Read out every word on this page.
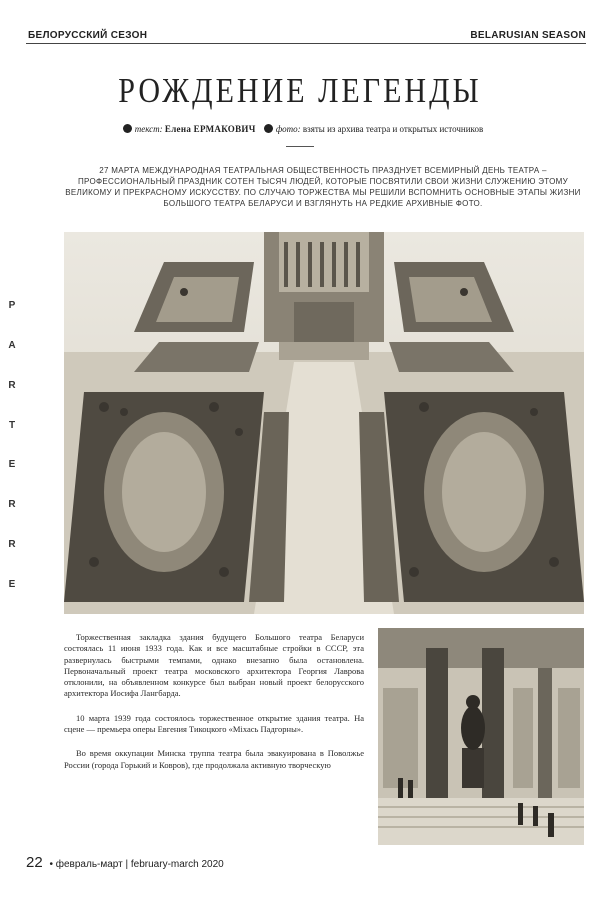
БЕЛОРУССКИЙ СЕЗОН	BELARUSIAN SEASON
P
A
R
T
E
R
R
E
РОЖДЕНИЕ ЛЕГЕНДЫ
текст: Елена ЕРМАКОВИЧ фото: взяты из архива театра и открытых источников
27 МАРТА МЕЖДУНАРОДНАЯ ТЕАТРАЛЬНАЯ ОБЩЕСТВЕННОСТЬ ПРАЗДНУЕТ ВСЕМИРНЫЙ ДЕНЬ ТЕАТРА – ПРОФЕССИОНАЛЬНЫЙ ПРАЗДНИК СОТЕН ТЫСЯЧ ЛЮДЕЙ, КОТОРЫЕ ПОСВЯТИЛИ СВОИ ЖИЗНИ СЛУЖЕНИЮ ЭТОМУ ВЕЛИКОМУ И ПРЕКРАСНОМУ ИСКУССТВУ. ПО СЛУЧАЮ ТОРЖЕСТВА МЫ РЕШИЛИ ВСПОМНИТЬ ОСНОВНЫЕ ЭТАПЫ ЖИЗНИ БОЛЬШОГО ТЕАТРА БЕЛАРУСИ И ВЗГЛЯНУТЬ НА РЕДКИЕ АРХИВНЫЕ ФОТО.

Торжественная закладка здания будущего Большого театра Беларуси состоялась 11 июня 1933 года. Как и все масштабные стройки в СССР, эта развернулась быстрыми темпами, однако внезапно была остановлена. Первоначальный проект театра московского архитектора Георгия Лаврова отклонили, на объявленном конкурсе был выбран новый проект белорусского архитектора Иосифа Лангбарда.

10 марта 1939 года состоялось торжественное открытие здания театра. На сцене — премьера оперы Евгения Тикоцкого «Міхась Падгорны».

Во время оккупации Минска труппа театра была эвакуирована в Поволжье России (города Горький и Ковров), где продолжала активную творческую

22 • февраль-март | february-march 2020
